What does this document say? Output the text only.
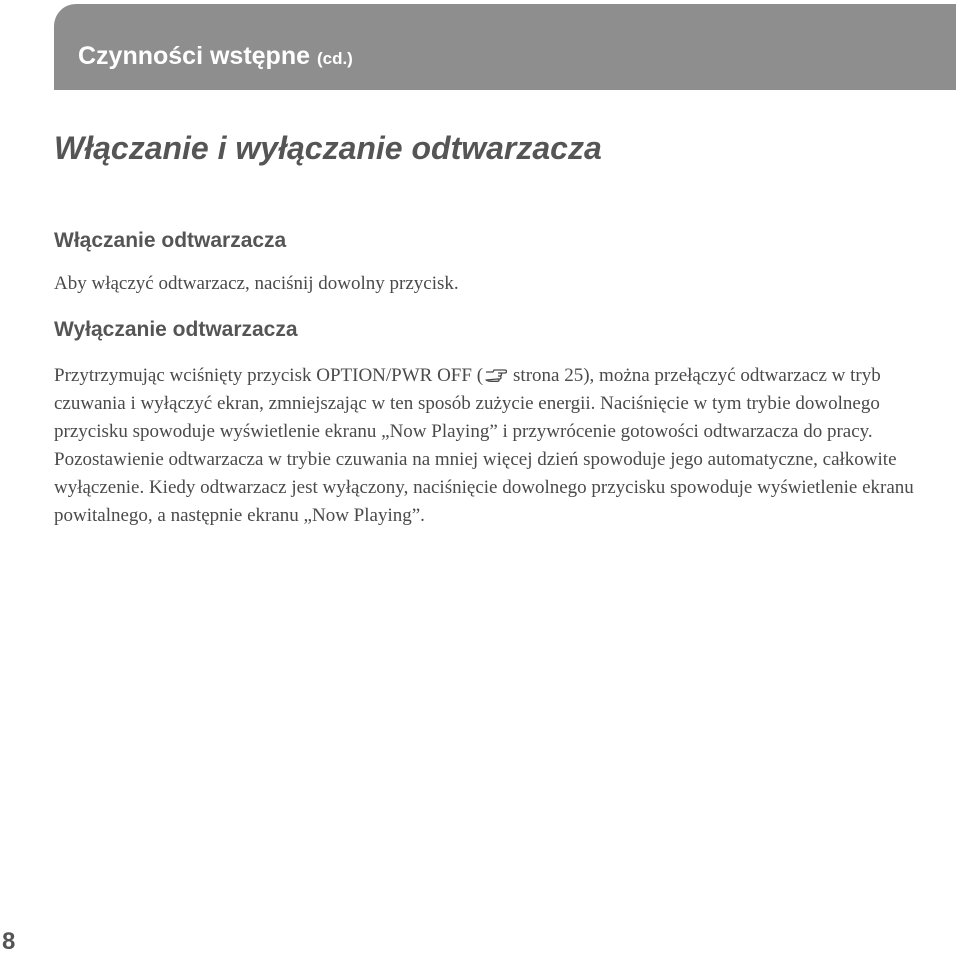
Czynności wstępne (cd.)
Włączanie i wyłączanie odtwarzacza
Włączanie odtwarzacza

Aby włączyć odtwarzacz, naciśnij dowolny przycisk.

Wyłączanie odtwarzacza

Przytrzymując wciśnięty przycisk OPTION/PWR OFF ( strona 25), można przełączyć odtwarzacz w tryb czuwania i wyłączyć ekran, zmniejszając w ten sposób zużycie energii. Naciśnięcie w tym trybie dowolnego przycisku spowoduje wyświetlenie ekranu „Now Playing” i przywrócenie gotowości odtwarzacza do pracy. Pozostawienie odtwarzacza w trybie czuwania na mniej więcej dzień spowoduje jego automatyczne, całkowite wyłączenie. Kiedy odtwarzacz jest wyłączony, naciśnięcie dowolnego przycisku spowoduje wyświetlenie ekranu powitalnego, a następnie ekranu „Now Playing”.

8
